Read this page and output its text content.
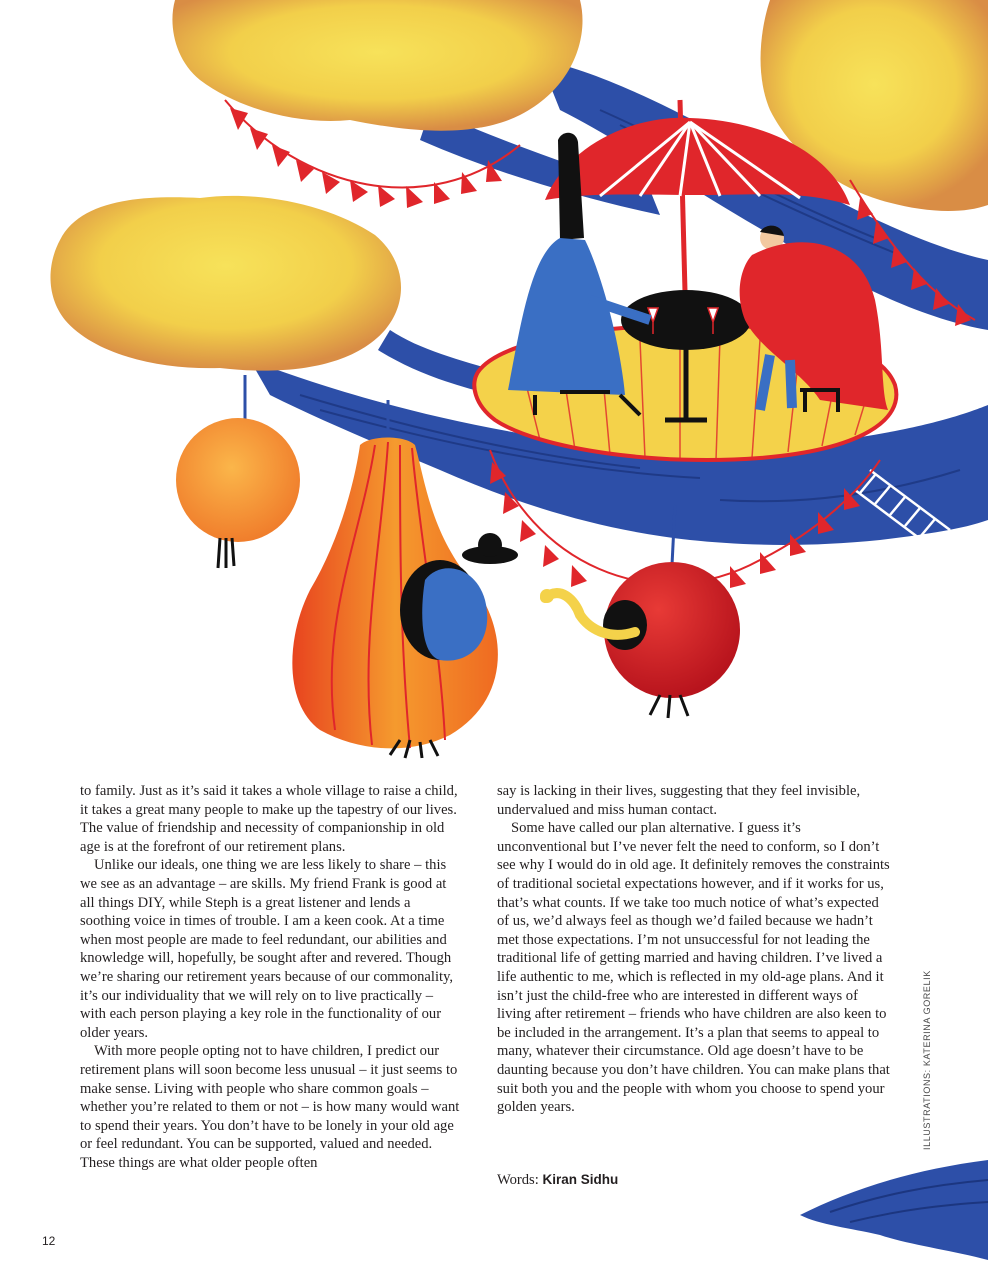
to family. Just as it’s said it takes a whole village to raise a child, it takes a great many people to make up the tapestry of our lives. The value of friendship and necessity of companionship in old age is at the forefront of our retirement plans.

Unlike our ideals, one thing we are less likely to share – this we see as an advantage – are skills. My friend Frank is good at all things DIY, while Steph is a great listener and lends a soothing voice in times of trouble. I am a keen cook. At a time when most people are made to feel redundant, our abilities and knowledge will, hopefully, be sought after and revered. Though we’re sharing our retirement years because of our commonality, it’s our individuality that we will rely on to live practically – with each person playing a key role in the functionality of our older years.

With more people opting not to have children, I predict our retirement plans will soon become less unusual – it just seems to make sense. Living with people who share common goals – whether you’re related to them or not – is how many would want to spend their years. You don’t have to be lonely in your old age or feel redundant. You can be supported, valued and needed. These things are what older people often

say is lacking in their lives, suggesting that they feel invisible, undervalued and miss human contact.

Some have called our plan alternative. I guess it’s unconventional but I’ve never felt the need to conform, so I don’t see why I would do in old age. It definitely removes the constraints of traditional societal expectations however, and if it works for us, that’s what counts. If we take too much notice of what’s expected of us, we’d always feel as though we’d failed because we hadn’t met those expectations. I’m not unsuccessful for not leading the traditional life of getting married and having children. I’ve lived a life authentic to me, which is reflected in my old-age plans. And it isn’t just the child-free who are interested in different ways of living after retirement – friends who have children are also keen to be included in the arrangement. It’s a plan that seems to appeal to many, whatever their circumstance. Old age doesn’t have to be daunting because you don’t have children. You can make plans that suit both you and the people with whom you choose to spend your golden years.

Words: Kiran Sidhu
ILLUSTRATIONS: KATERINA GORELIK
12
